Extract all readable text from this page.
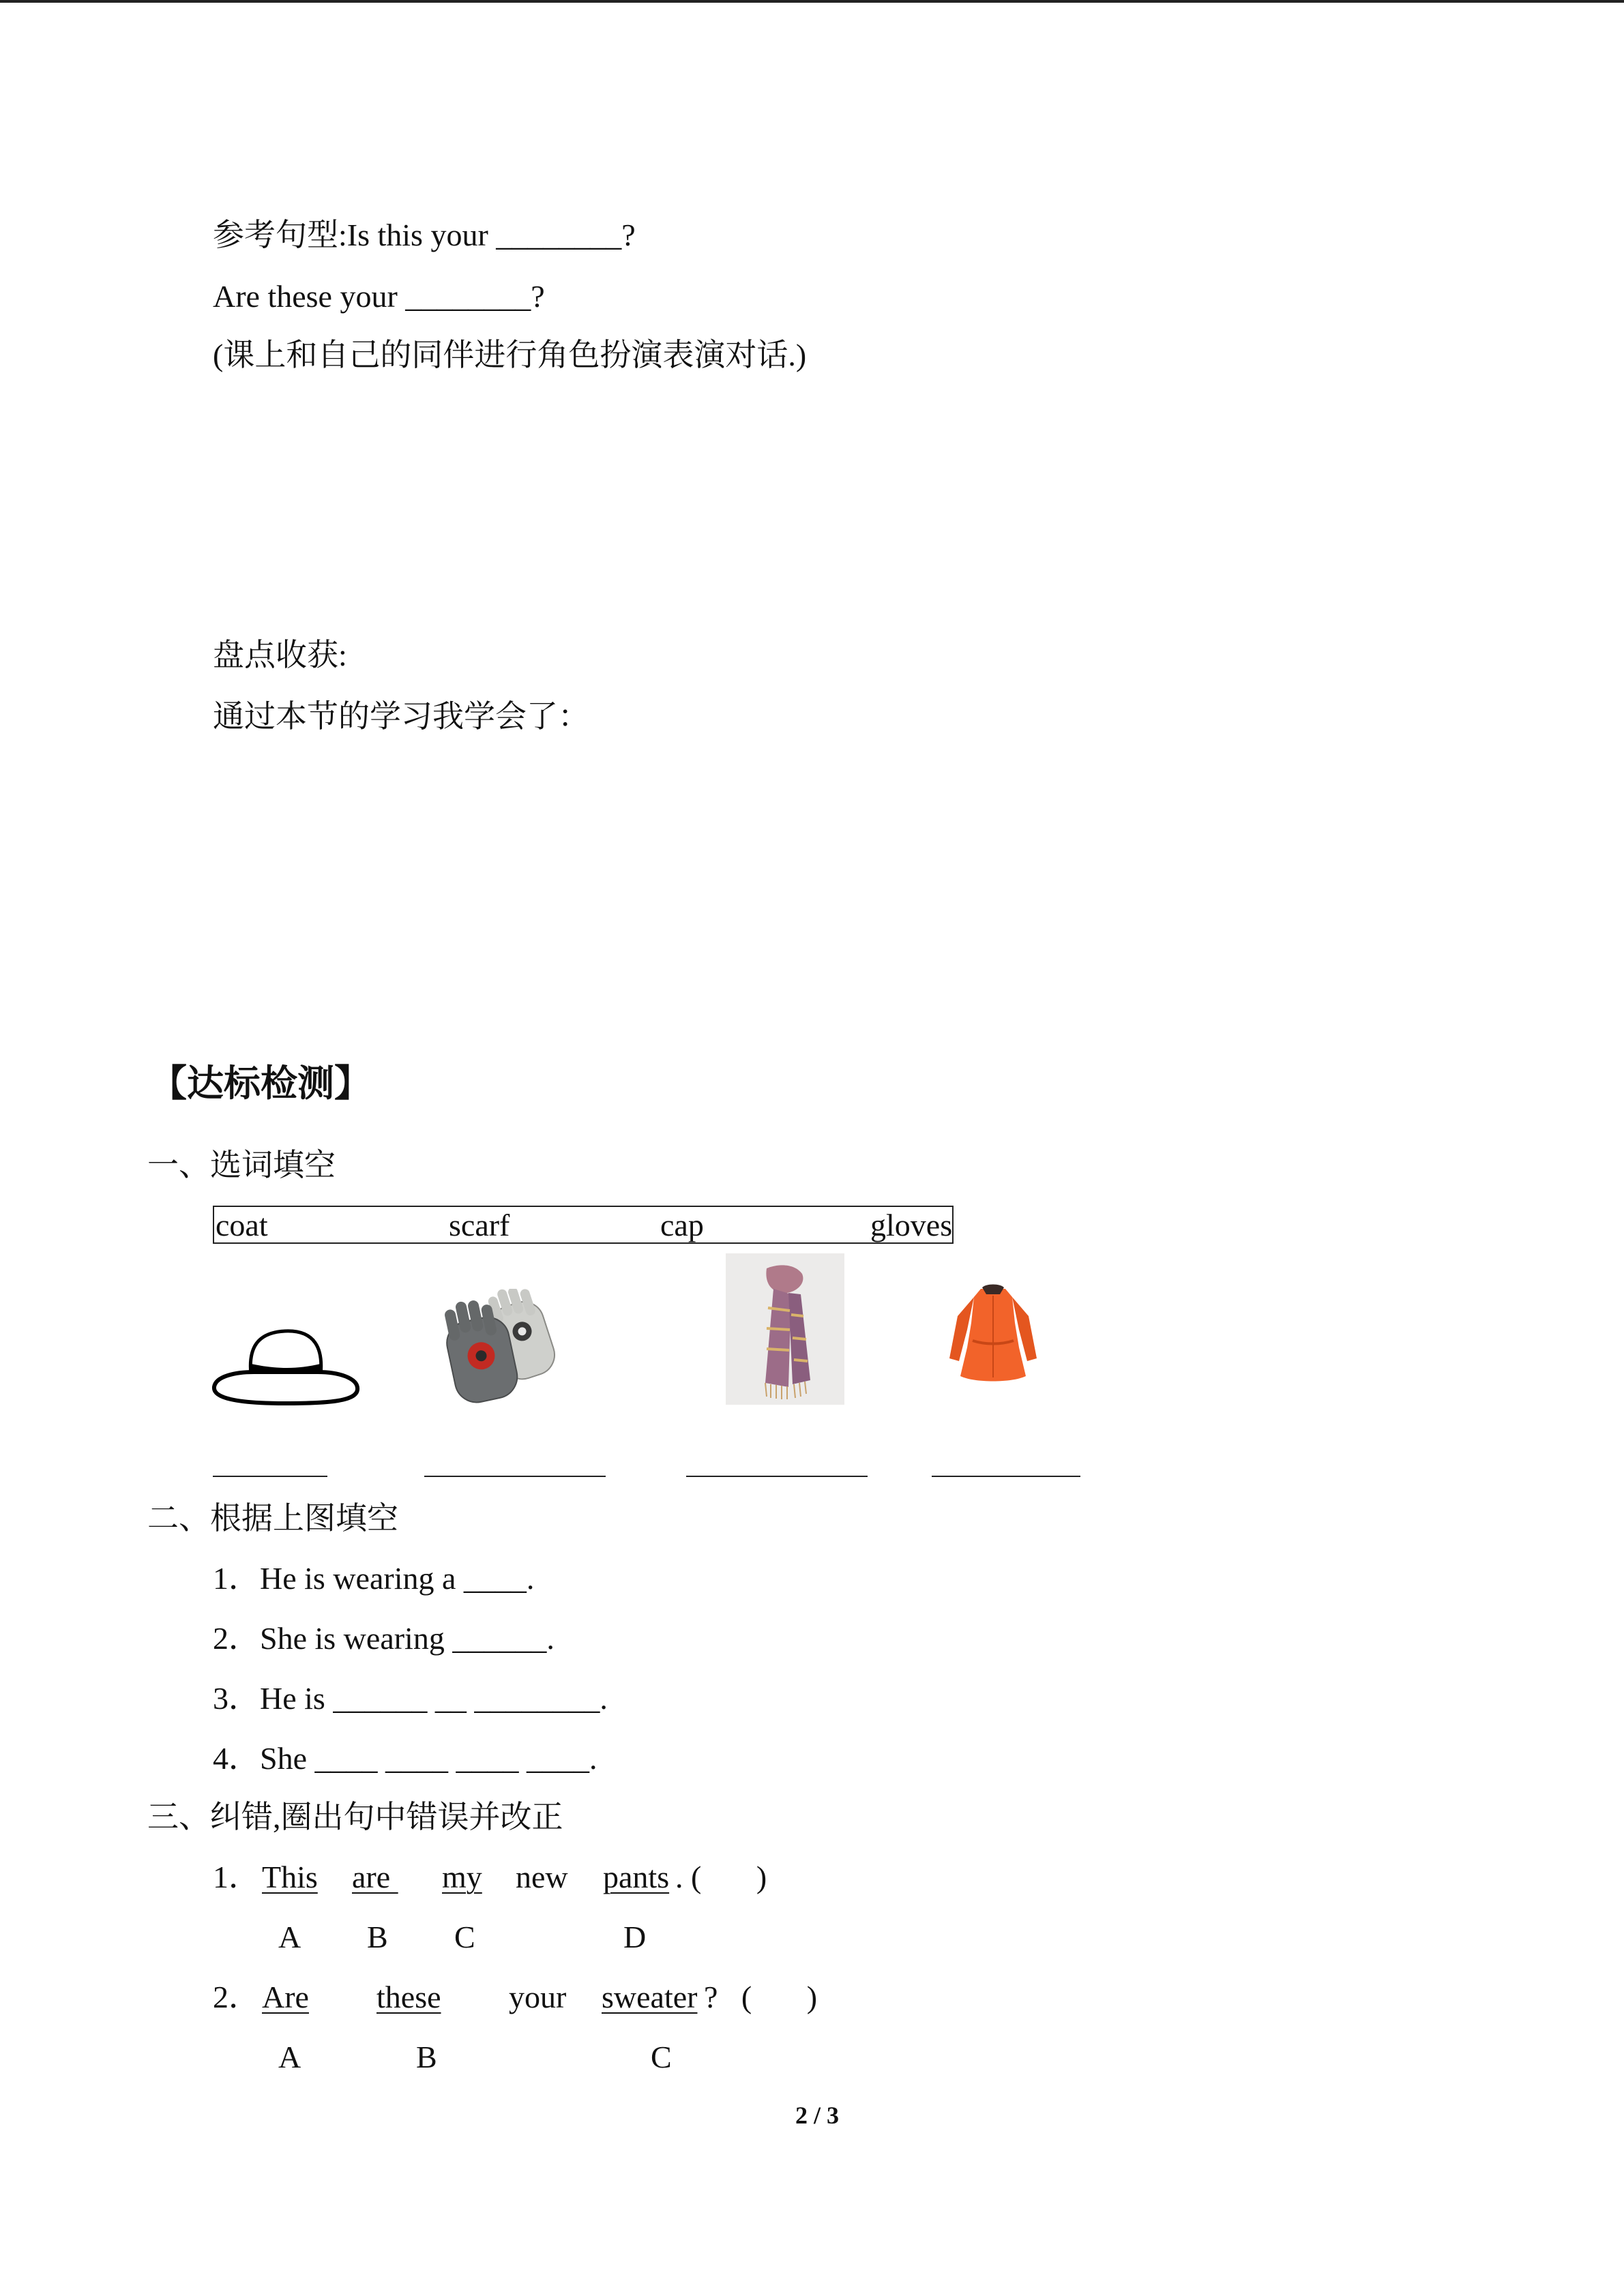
参考句型:Is this your ________?
Are these your ________?
(课上和自己的同伴进行角色扮演表演对话.)
盘点收获:
通过本节的学习我学会了：
【达标检测】
一、选词填空
coat	scarf	cap	gloves
二、根据上图填空
1．He is wearing a ____.
2．She is wearing ______.
3．He is ______ __ ________.
4．She ____ ____ ____ ____.
三、纠错,圈出句中错误并改正
1． This are my new pants . (       )
A B C	D
2． Are these your sweater ?   (       )
A	B	C
2 / 3
